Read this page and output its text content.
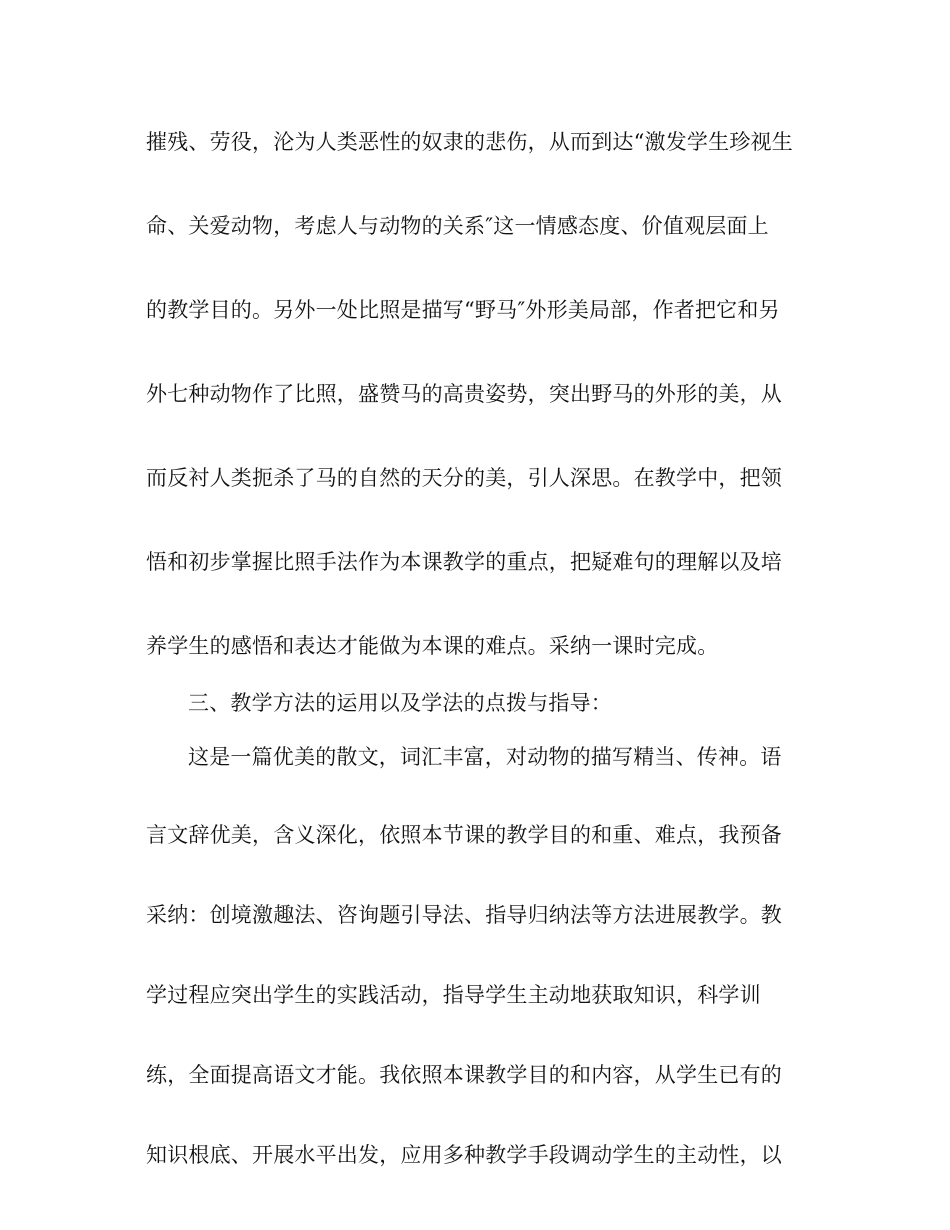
摧残、劳役，沦为人类恶性的奴隶的悲伤，从而到达“激发学生珍视生
命、关爱动物，考虑人与动物的关系″这一情感态度、价值观层面上
的教学目的。另外一处比照是描写“野马″外形美局部，作者把它和另
外七种动物作了比照，盛赞马的高贵姿势，突出野马的外形的美，从
而反衬人类扼杀了马的自然的天分的美，引人深思。在教学中，把领
悟和初步掌握比照手法作为本课教学的重点，把疑难句的理解以及培
养学生的感悟和表达才能做为本课的难点。采纳一课时完成。
三、教学方法的运用以及学法的点拨与指导：
这是一篇优美的散文，词汇丰富，对动物的描写精当、传神。语
言文辞优美，含义深化，依照本节课的教学目的和重、难点，我预备
采纳：创境激趣法、咨询题引导法、指导归纳法等方法进展教学。教
学过程应突出学生的实践活动，指导学生主动地获取知识，科学训
练，全面提高语文才能。我依照本课教学目的和内容，从学生已有的
知识根底、开展水平出发，应用多种教学手段调动学生的主动性，以
